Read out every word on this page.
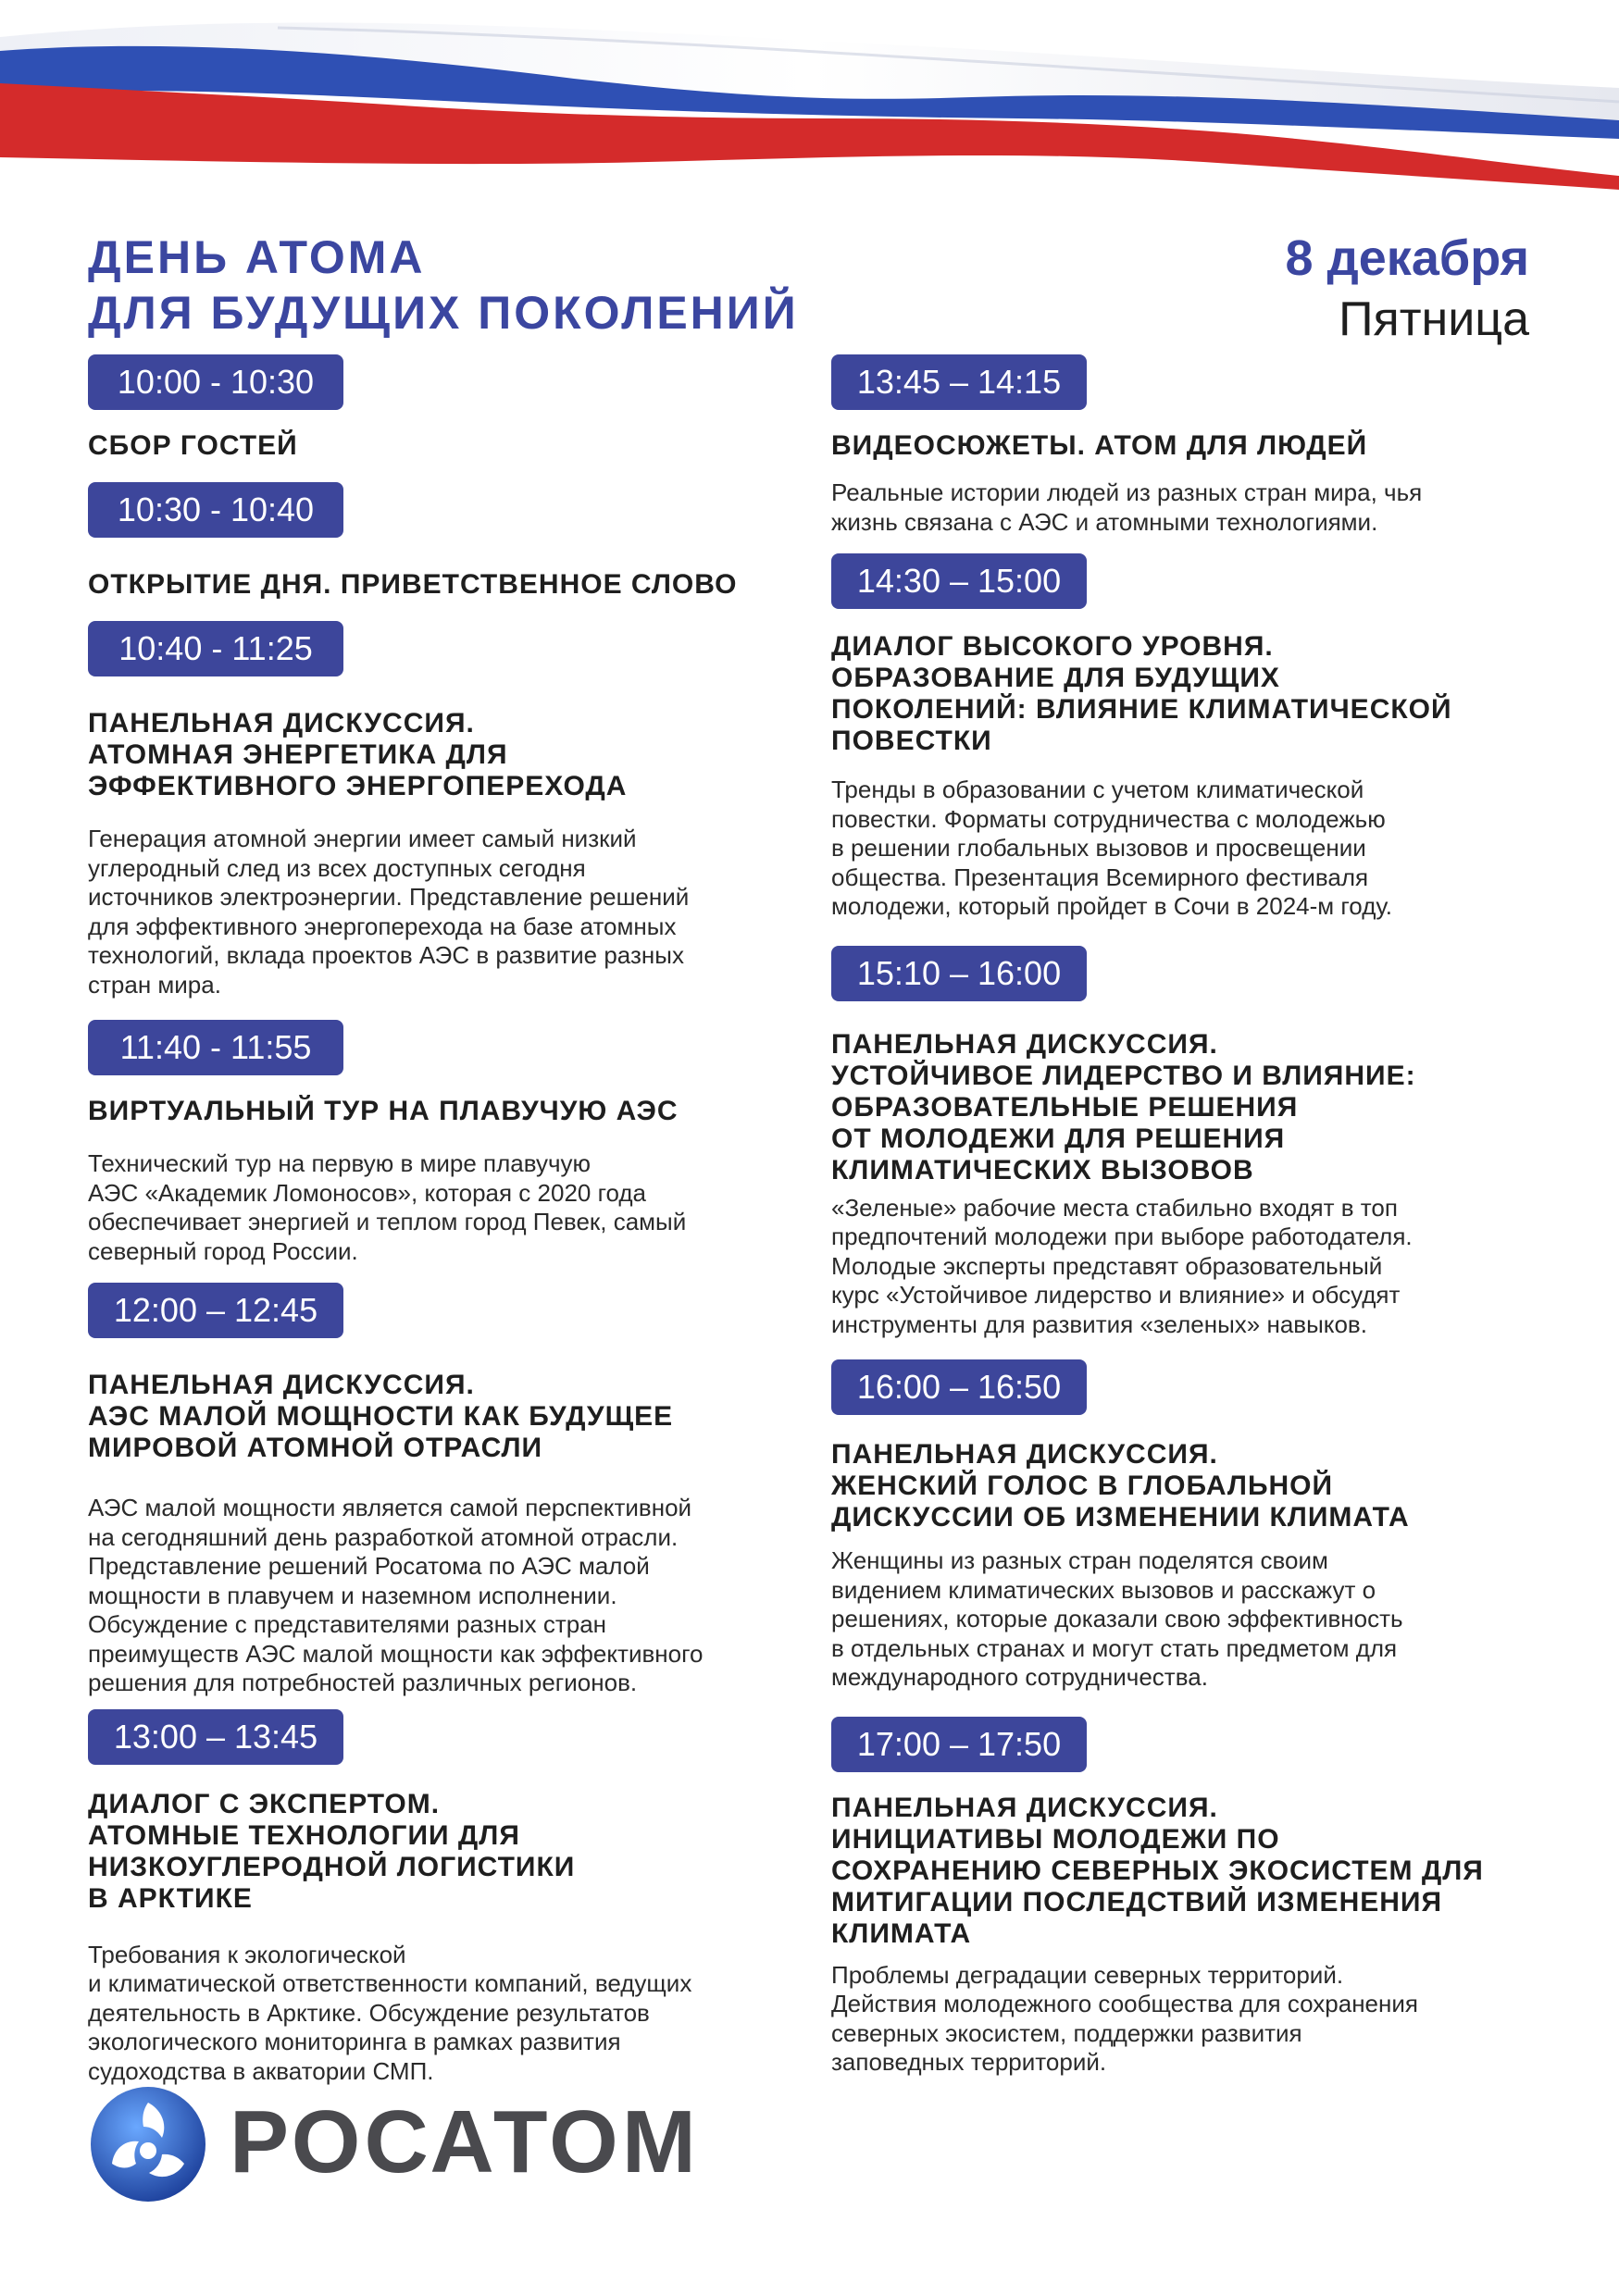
ДЕНЬ АТОМА
ДЛЯ БУДУЩИХ ПОКОЛЕНИЙ
8 декабря
Пятница
10:00 - 10:30

СБОР ГОСТЕЙ

10:30 - 10:40

ОТКРЫТИЕ ДНЯ. ПРИВЕТСТВЕННОЕ СЛОВО

10:40 - 11:25

ПАНЕЛЬНАЯ ДИСКУССИЯ.
АТОМНАЯ ЭНЕРГЕТИКА ДЛЯ
ЭФФЕКТИВНОГО ЭНЕРГОПЕРЕХОДА

Генерация атомной энергии имеет самый низкий
углеродный след из всех доступных сегодня
источников электроэнергии. Представление решений
для эффективного энергоперехода на базе атомных
технологий, вклада проектов АЭС в развитие разных
стран мира.

11:40 - 11:55

ВИРТУАЛЬНЫЙ ТУР НА ПЛАВУЧУЮ АЭС

Технический тур на первую в мире плавучую
АЭС «Академик Ломоносов», которая с 2020 года
обеспечивает энергией и теплом город Певек, самый
северный город России.

12:00 – 12:45

ПАНЕЛЬНАЯ ДИСКУССИЯ.
АЭС МАЛОЙ МОЩНОСТИ КАК БУДУЩЕЕ
МИРОВОЙ АТОМНОЙ ОТРАСЛИ

АЭС малой мощности является самой перспективной
на сегодняшний день разработкой атомной отрасли.
Представление решений Росатома по АЭС малой
мощности в плавучем и наземном исполнении.
Обсуждение с представителями разных стран
преимуществ АЭС малой мощности как эффективного
решения для потребностей различных регионов.

13:00 – 13:45

ДИАЛОГ С ЭКСПЕРТОМ.
АТОМНЫЕ ТЕХНОЛОГИИ ДЛЯ
НИЗКОУГЛЕРОДНОЙ ЛОГИСТИКИ
В АРКТИКЕ

Требования к экологической
и климатической ответственности компаний, ведущих
деятельность в Арктике. Обсуждение результатов
экологического мониторинга в рамках развития
судоходства в акватории СМП.

13:45 – 14:15

ВИДЕОСЮЖЕТЫ. АТОМ ДЛЯ ЛЮДЕЙ

Реальные истории людей из разных стран мира, чья
жизнь связана с АЭС и атомными технологиями.

14:30 – 15:00

ДИАЛОГ ВЫСОКОГО УРОВНЯ.
ОБРАЗОВАНИЕ ДЛЯ БУДУЩИХ
ПОКОЛЕНИЙ: ВЛИЯНИЕ КЛИМАТИЧЕСКОЙ
ПОВЕСТКИ

Тренды в образовании с учетом климатической
повестки. Форматы сотрудничества с молодежью
в решении глобальных вызовов и просвещении
общества. Презентация Всемирного фестиваля
молодежи, который пройдет в Сочи в 2024-м году.

15:10 – 16:00

ПАНЕЛЬНАЯ ДИСКУССИЯ.
УСТОЙЧИВОЕ ЛИДЕРСТВО И ВЛИЯНИЕ:
ОБРАЗОВАТЕЛЬНЫЕ РЕШЕНИЯ
ОТ МОЛОДЕЖИ ДЛЯ РЕШЕНИЯ
КЛИМАТИЧЕСКИХ ВЫЗОВОВ

«Зеленые» рабочие места стабильно входят в топ
предпочтений молодежи при выборе работодателя.
Молодые эксперты представят образовательный
курс «Устойчивое лидерство и влияние» и обсудят
инструменты для развития «зеленых» навыков.

16:00 – 16:50

ПАНЕЛЬНАЯ ДИСКУССИЯ.
ЖЕНСКИЙ ГОЛОС В ГЛОБАЛЬНОЙ
ДИСКУССИИ ОБ ИЗМЕНЕНИИ КЛИМАТА

Женщины из разных стран поделятся своим
видением климатических вызовов и расскажут о
решениях, которые доказали свою эффективность
в отдельных странах и могут стать предметом для
международного сотрудничества.

17:00 – 17:50

ПАНЕЛЬНАЯ ДИСКУССИЯ.
ИНИЦИАТИВЫ МОЛОДЕЖИ ПО
СОХРАНЕНИЮ СЕВЕРНЫХ ЭКОСИСТЕМ ДЛЯ
МИТИГАЦИИ ПОСЛЕДСТВИЙ ИЗМЕНЕНИЯ
КЛИМАТА

Проблемы деградации северных территорий.
Действия молодежного сообщества для сохранения
северных экосистем, поддержки развития
заповедных территорий.

РОСАТОМ
